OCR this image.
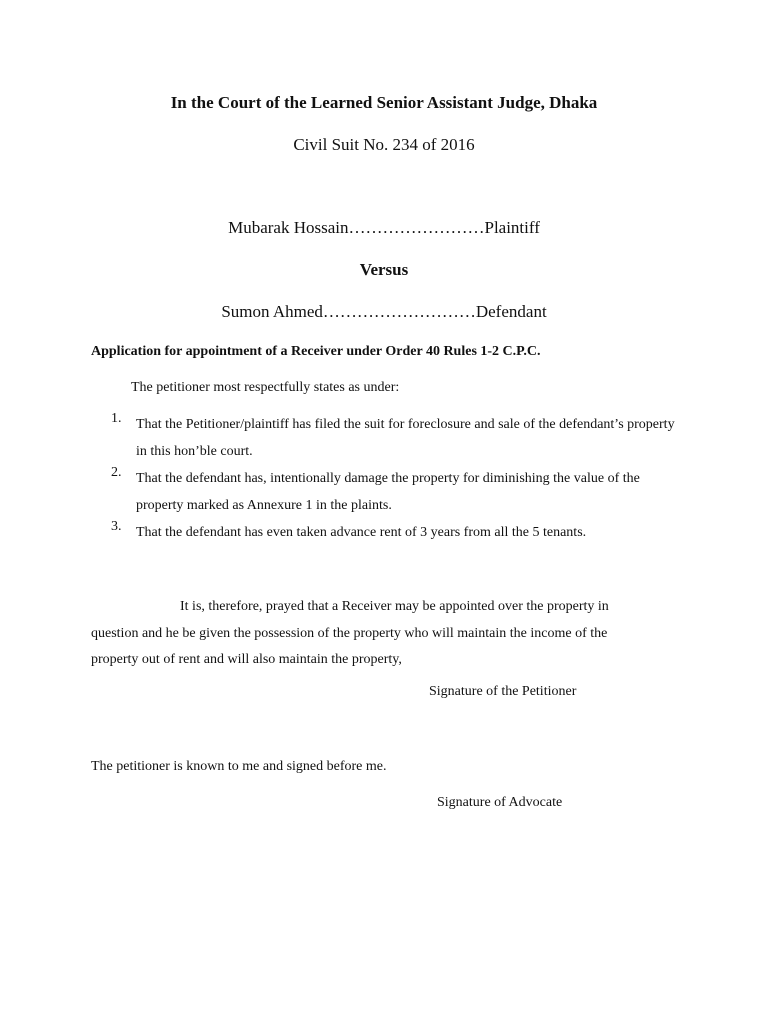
In the Court of the Learned Senior Assistant Judge, Dhaka
Civil Suit No. 234 of 2016
Mubarak Hossain……………………Plaintiff
Versus
Sumon Ahmed………………………Defendant
Application for appointment of a Receiver under Order 40 Rules 1-2 C.P.C.
The petitioner most respectfully states as under:
1. That the Petitioner/plaintiff has filed the suit for foreclosure and sale of the defendant’s property in this hon’ble court.
2. That the defendant has, intentionally damage the property for diminishing the value of the property marked as Annexure 1 in the plaints.
3. That the defendant has even taken advance rent of 3 years from all the 5 tenants.
It is, therefore, prayed that a Receiver may be appointed over the property in question and he be given the possession of the property who will maintain the income of the property out of rent and will also maintain the property,
Signature of the Petitioner
The petitioner is known to me and signed before me.
Signature of Advocate
